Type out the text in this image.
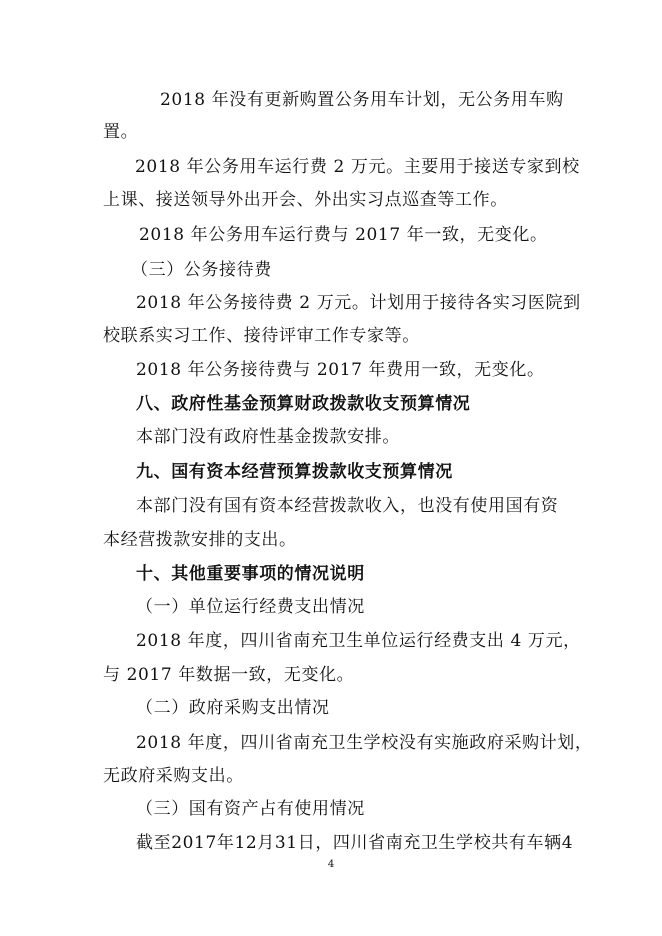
2018 年没有更新购置公务用车计划，无公务用车购
置。
2018 年公务用车运行费 2 万元。主要用于接送专家到校
上课、接送领导外出开会、外出实习点巡查等工作。
2018 年公务用车运行费与 2017 年一致，无变化。
（三）公务接待费
2018 年公务接待费 2 万元。计划用于接待各实习医院到
校联系实习工作、接待评审工作专家等。
2018 年公务接待费与 2017 年费用一致，无变化。
八、政府性基金预算财政拨款收支预算情况
本部门没有政府性基金拨款安排。
九、国有资本经营预算拨款收支预算情况
本部门没有国有资本经营拨款收入，也没有使用国有资
本经营拨款安排的支出。
十、其他重要事项的情况说明
（一）单位运行经费支出情况
2018 年度，四川省南充卫生单位运行经费支出 4 万元，
与 2017 年数据一致，无变化。
（二）政府采购支出情况
2018 年度，四川省南充卫生学校没有实施政府采购计划，
无政府采购支出。
（三）国有资产占有使用情况
截至2017年12月31日，四川省南充卫生学校共有车辆4
4
